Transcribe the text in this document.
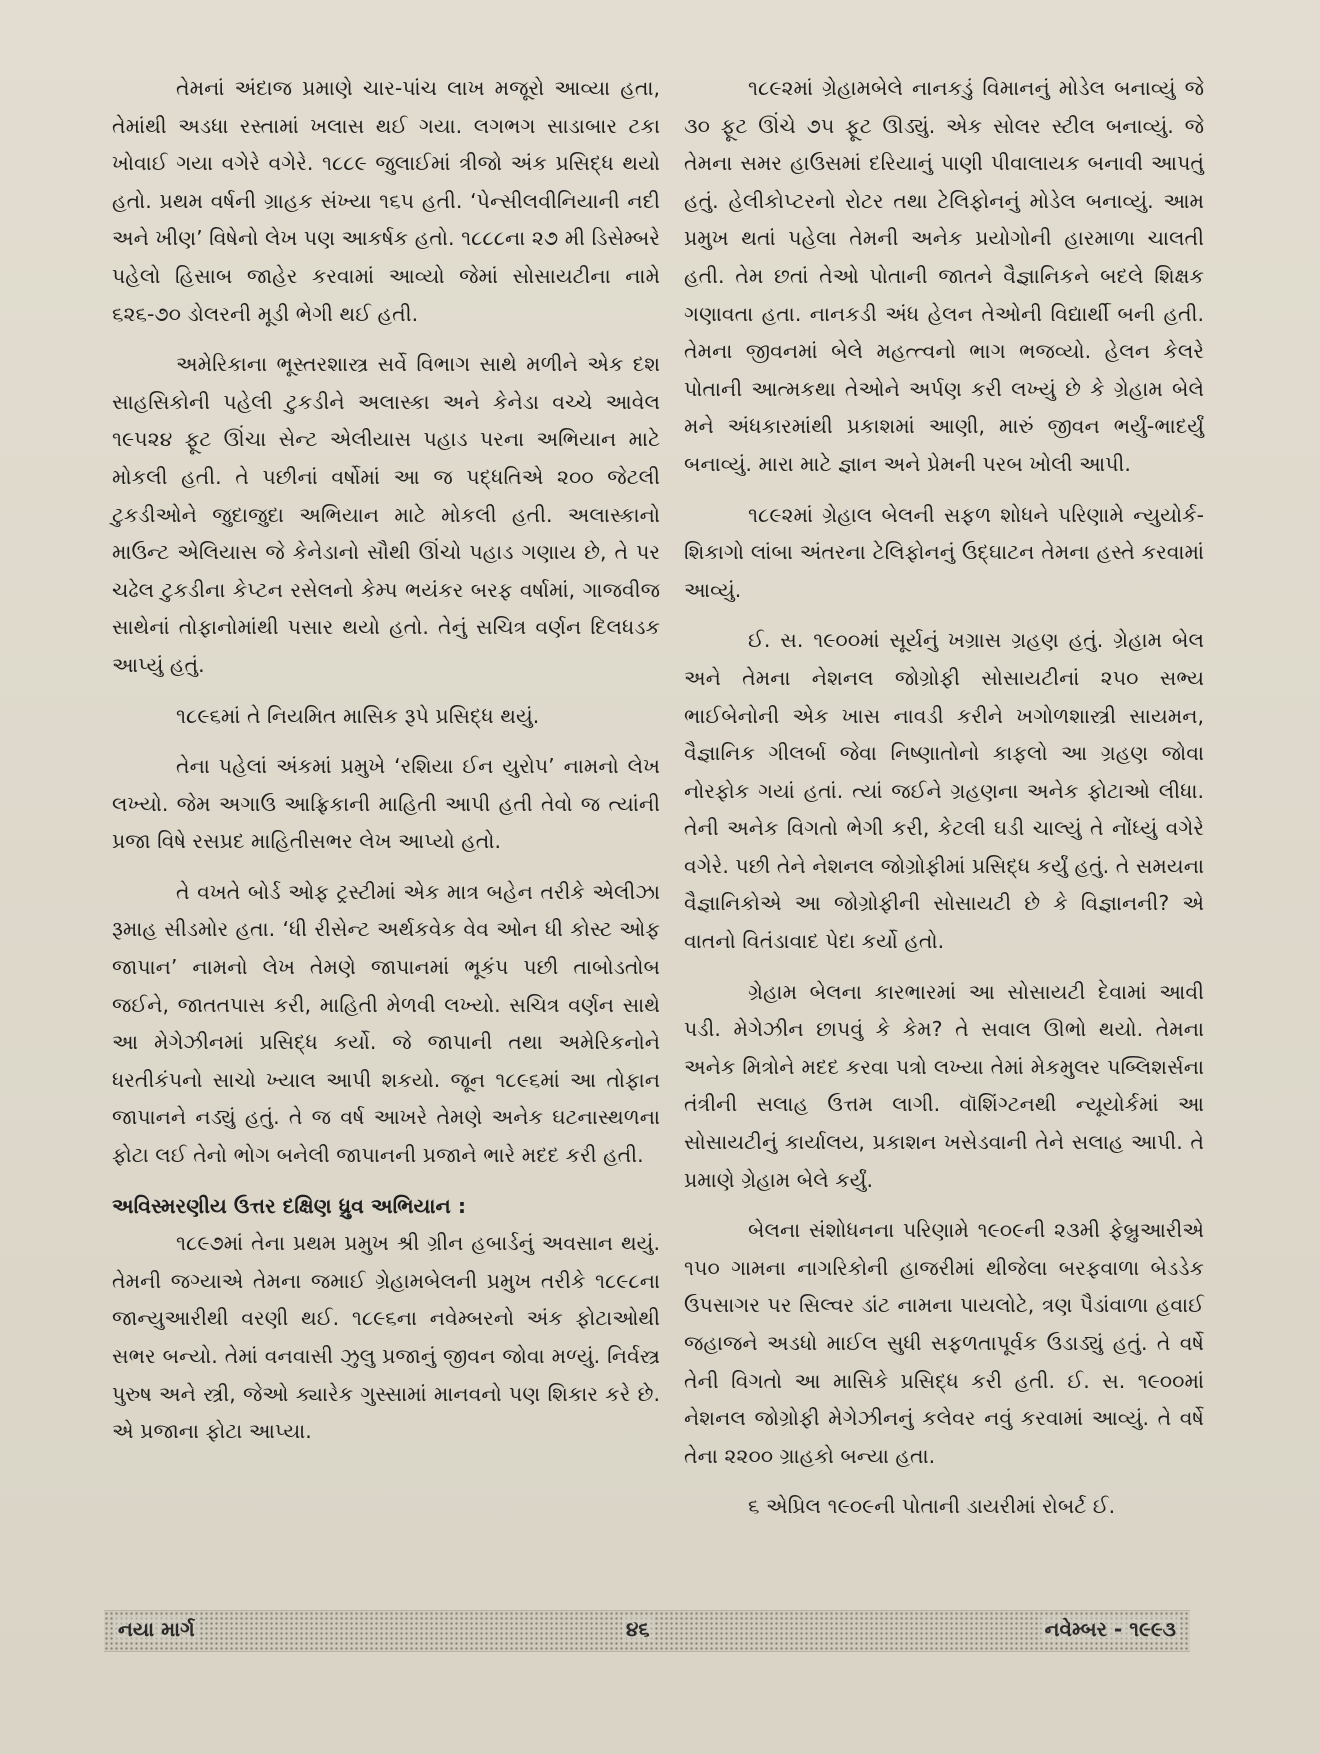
તેમનાં અંદાજ પ્રમાણે ચાર-પાંચ લાખ મજૂરો આવ્યા હતા, તેમાંથી અડધા રસ્તામાં ખલાસ થઈ ગયા. લગભગ સાડાબાર ટકા ખોવાઈ ગયા વગેરે વગેરે. ૧૮૮૯ જુલાઈમાં ત્રીજો અંક પ્રસિદ્ધ થયો હતો. પ્રથમ વર્ષની ગ્રાહક સંખ્યા ૧૬૫ હતી. ‘પેન્સીલવીનિયાની નદી અને ખીણ’ વિષેનો લેખ પણ આકર્ષક હતો. ૧૮૮૮ના ૨૭ મી ડિસેમ્બરે પહેલો હિસાબ જાહેર કરવામાં આવ્યો જેમાં સોસાયટીના નામે ૬૨૬-૭૦ ડોલરની મૂડી ભેગી થઈ હતી.

અમેરિકાના ભૂસ્તરશાસ્ત્ર સર્વે વિભાગ સાથે મળીને એક દશ સાહસિકોની પહેલી ટુકડીને અલાસ્કા અને કેનેડા વચ્ચે આવેલ ૧૯૫૨૪ ફૂટ ઊંચા સેન્ટ એલીયાસ પહાડ પરના અભિયાન માટે મોકલી હતી. તે પછીનાં વર્ષોમાં આ જ પદ્ધતિએ ૨૦૦ જેટલી ટુકડીઓને જુદાજુદા અભિયાન માટે મોકલી હતી. અલાસ્કાનો માઉન્ટ એલિયાસ જે કેનેડાનો સૌથી ઊંચો પહાડ ગણાય છે, તે પર ચઢેલ ટુકડીના કેપ્ટન રસેલનો કેમ્પ ભયંકર બરફ વર્ષામાં, ગાજવીજ સાથેનાં તોફાનોમાંથી પસાર થયો હતો. તેનું સચિત્ર વર્ણન દિલધડક આપ્યું હતું.

૧૮૯૬માં તે નિયમિત માસિક રૂપે પ્રસિદ્ધ થયું.

તેના પહેલાં અંકમાં પ્રમુખે ‘રશિયા ઈન યુરોપ’ નામનો લેખ લખ્યો. જેમ અગાઉ આફ્રિકાની માહિતી આપી હતી તેવો જ ત્યાંની પ્રજા વિષે રસપ્રદ માહિતીસભર લેખ આપ્યો હતો.

તે વખતે બોર્ડ ઓફ ટ્રસ્ટીમાં એક માત્ર બહેન તરીકે એલીઝા રૂમાહ સીડમોર હતા. ‘ધી રીસેન્ટ અર્થકવેક વેવ ઓન ધી કોસ્ટ ઓફ જાપાન’ નામનો લેખ તેમણે જાપાનમાં ભૂકંપ પછી તાબોડતોબ જઈને, જાતતપાસ કરી, માહિતી મેળવી લખ્યો. સચિત્ર વર્ણન સાથે આ મેગેઝીનમાં પ્રસિદ્ધ કર્યો. જે જાપાની તથા અમેરિકનોને ધરતીકંપનો સાચો ખ્યાલ આપી શકયો. જૂન ૧૮૯૬માં આ તોફાન જાપાનને નડ્યું હતું. તે જ વર્ષ આખરે તેમણે અનેક ઘટનાસ્થળના ફોટા લઈ તેનો ભોગ બનેલી જાપાનની પ્રજાને ભારે મદદ કરી હતી.

અવિસ્મરણીય ઉત્તર દક્ષિણ ધ્રુવ અભિયાન :

૧૮૯૭માં તેના પ્રથમ પ્રમુખ શ્રી ગ્રીન હબાર્ડનું અવસાન થયું. તેમની જગ્યાએ તેમના જમાઈ ગ્રેહામબેલની પ્રમુખ તરીકે ૧૮૯૮ના જાન્યુઆરીથી વરણી થઈ. ૧૮૯૬ના નવેમ્બરનો અંક ફોટાઓથી સભર બન્યો. તેમાં વનવાસી ઝુલુ પ્રજાનું જીવન જોવા મળ્યું. નિર્વસ્ત્ર પુરુષ અને સ્ત્રી, જેઓ ક્યારેક ગુસ્સામાં માનવનો પણ શિકાર કરે છે. એ પ્રજાના ફોટા આપ્યા.

૧૮૯૨માં ગ્રેહામબેલે નાનકડું વિમાનનું મોડેલ બનાવ્યું જે ૩૦ ફૂટ ઊંચે ૭૫ ફૂટ ઊડ્યું. એક સોલર સ્ટીલ બનાવ્યું. જે તેમના સમર હાઉસમાં દરિયાનું પાણી પીવાલાયક બનાવી આપતું હતું. હેલીકોપ્ટરનો રોટર તથા ટેલિફોનનું મોડેલ બનાવ્યું. આમ પ્રમુખ થતાં પહેલા તેમની અનેક પ્રયોગોની હારમાળા ચાલતી હતી. તેમ છતાં તેઓ પોતાની જાતને વૈજ્ઞાનિકને બદલે શિક્ષક ગણાવતા હતા. નાનકડી અંધ હેલન તેઓની વિદ્યાર્થી બની હતી. તેમના જીવનમાં બેલે મહત્ત્વનો ભાગ ભજવ્યો. હેલન કેલરે પોતાની આત્મકથા તેઓને અર્પણ કરી લખ્યું છે કે ગ્રેહામ બેલે મને અંધકારમાંથી પ્રકાશમાં આણી, મારું જીવન ભર્યું-ભાદર્યું બનાવ્યું. મારા માટે જ્ઞાન અને પ્રેમની પરબ ખોલી આપી.

૧૮૯૨માં ગ્રેહાલ બેલની સફળ શોધને પરિણામે ન્યુયોર્ક-શિકાગો લાંબા અંતરના ટેલિફોનનું ઉદ્‌ઘાટન તેમના હસ્તે કરવામાં આવ્યું.

ઈ. સ. ૧૯૦૦માં સૂર્યનું ખગ્રાસ ગ્રહણ હતું. ગ્રેહામ બેલ અને તેમના નેશનલ જોગ્રોફી સોસાયટીનાં ૨૫૦ સભ્ય ભાઈબેનોની એક ખાસ નાવડી કરીને ખગોળશાસ્ત્રી સાયમન, વૈજ્ઞાનિક ગીલર્બા જેવા નિષ્ણાતોનો કાફલો આ ગ્રહણ જોવા નોરફોક ગયાં હતાં. ત્યાં જઈને ગ્રહણના અનેક ફોટાઓ લીધા. તેની અનેક વિગતો ભેગી કરી, કેટલી ઘડી ચાલ્યું તે નોંધ્યું વગેરે વગેરે. પછી તેને નેશનલ જોગ્રોફીમાં પ્રસિદ્ધ કર્યું હતું. તે સમયના વૈજ્ઞાનિકોએ આ જોગ્રોફીની સોસાયટી છે કે વિજ્ઞાનની? એ વાતનો વિતંડાવાદ પેદા કર્યો હતો.

ગ્રેહામ બેલના કારભારમાં આ સોસાયટી દેવામાં આવી પડી. મેગેઝીન છાપવું કે કેમ? તે સવાલ ઊભો થયો. તેમના અનેક મિત્રોને મદદ કરવા પત્રો લખ્યા તેમાં મેકમુલર પબ્લિશર્સના તંત્રીની સલાહ ઉત્તમ લાગી. વૉશિંગ્ટનથી ન્યૂયોર્કમાં આ સોસાયટીનું કાર્યાલય, પ્રકાશન ખસેડવાની તેને સલાહ આપી. તે પ્રમાણે ગ્રેહામ બેલે કર્યું.

બેલના સંશોધનના પરિણામે ૧૯૦૯ની ૨૩મી ફેબ્રુઆરીએ ૧૫૦ ગામના નાગરિકોની હાજરીમાં થીજેલા બરફવાળા બેડડેક ઉપસાગર પર સિલ્વર ડાંટ નામના પાયલોટે, ત્રણ પૈડાંવાળા હવાઈ જહાજને અડધો માઈલ સુધી સફળતાપૂર્વક ઉડાડ્યું હતું. તે વર્ષે તેની વિગતો આ માસિકે પ્રસિદ્ધ કરી હતી. ઈ. સ. ૧૯૦૦માં નેશનલ જોગ્રોફી મેગેઝીનનું કલેવર નવું કરવામાં આવ્યું. તે વર્ષે તેના ૨૨૦૦ ગ્રાહકો બન્યા હતા.

૬ એપ્રિલ ૧૯૦૯ની પોતાની ડાયરીમાં રોબર્ટ ઈ.

નયા માર્ગ	૪૬	નવેમ્બર - ૧૯૯૩
